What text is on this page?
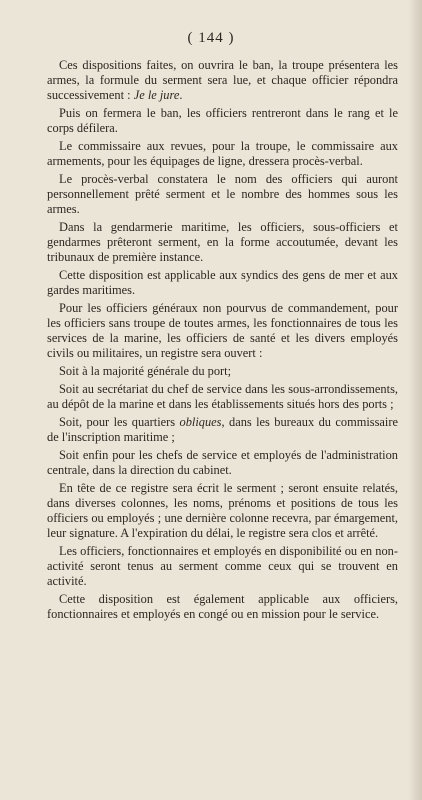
( 144 )

Ces dispositions faites, on ouvrira le ban, la troupe présentera les armes, la formule du serment sera lue, et chaque officier répondra successivement : Je le jure.

Puis on fermera le ban, les officiers rentreront dans le rang et le corps défilera.

Le commissaire aux revues, pour la troupe, le commissaire aux armements, pour les équipages de ligne, dressera procès-verbal.

Le procès-verbal constatera le nom des officiers qui auront personnellement prêté serment et le nombre des hommes sous les armes.

Dans la gendarmerie maritime, les officiers, sous-officiers et gendarmes prêteront serment, en la forme accoutumée, devant les tribunaux de première instance.

Cette disposition est applicable aux syndics des gens de mer et aux gardes maritimes.

Pour les officiers généraux non pourvus de commandement, pour les officiers sans troupe de toutes armes, les fonctionnaires de tous les services de la marine, les officiers de santé et les divers employés civils ou militaires, un registre sera ouvert :

Soit à la majorité générale du port;

Soit au secrétariat du chef de service dans les sous-arrondissements, au dépôt de la marine et dans les établissements situés hors des ports ;

Soit, pour les quartiers obliques, dans les bureaux du commissaire de l'inscription maritime ;

Soit enfin pour les chefs de service et employés de l'administration centrale, dans la direction du cabinet.

En tête de ce registre sera écrit le serment ; seront ensuite relatés, dans diverses colonnes, les noms, prénoms et positions de tous les officiers ou employés ; une dernière colonne recevra, par émargement, leur signature. A l'expiration du délai, le registre sera clos et arrêté.

Les officiers, fonctionnaires et employés en disponibilité ou en non-activité seront tenus au serment comme ceux qui se trouvent en activité.

Cette disposition est également applicable aux officiers, fonctionnaires et employés en congé ou en mission pour le service.
